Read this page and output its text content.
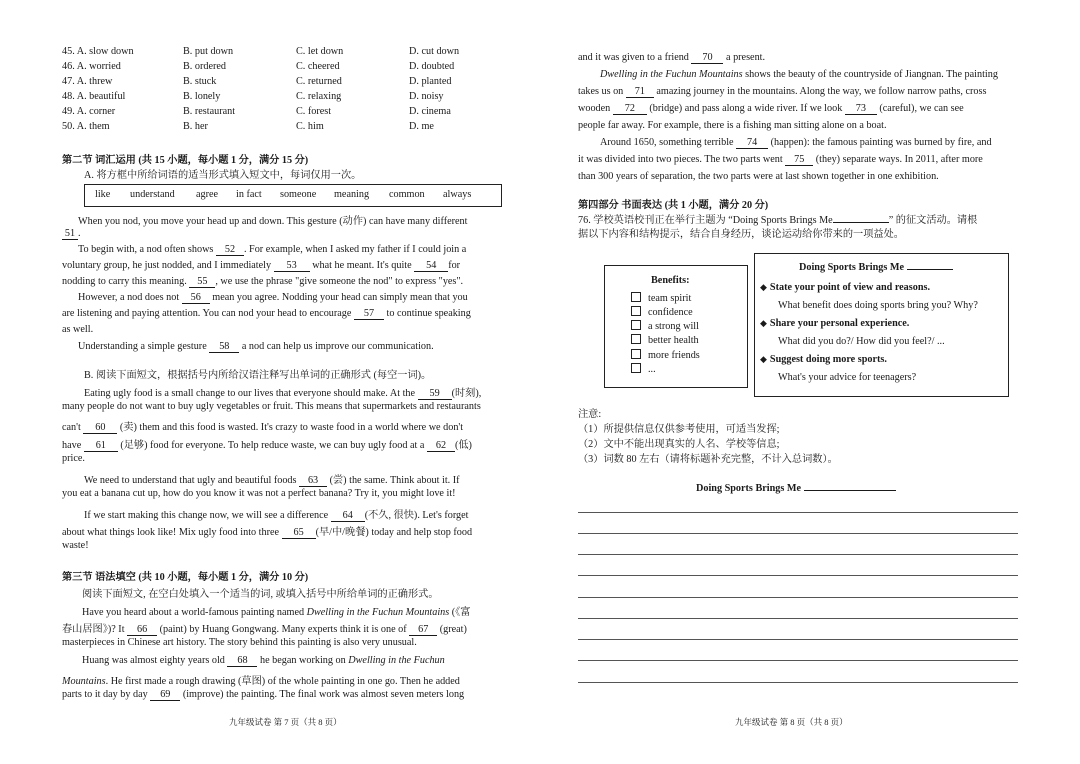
45. A. slow down	B. put down	C. let down	D. cut down
46. A. worried	B. ordered	C. cheered	D. doubted
47. A. threw	B. stuck	C. returned	D. planted
48. A. beautiful	B. lonely	C. relaxing	D. noisy
49. A. corner	B. restaurant	C. forest	D. cinema
50. A. them	B. her	C. him	D. me
第二节 词汇运用 (共 15 小题，每小题 1 分，满分 15 分)
A. 将方框中所给词语的适当形式填入短文中，每词仅用一次。
like understand agree in fact someone meaning common always
When you nod, you move your head up and down. This gesture (动作) can have many different
51 .
To begin with, a nod often shows 52 . For example, when I asked my father if I could join a
voluntary group, he just nodded, and I immediately 53 what he meant. It's quite 54 for
nodding to carry this meaning. 55 , we use the phrase "give someone the nod" to express "yes".
However, a nod does not 56 mean you agree. Nodding your head can simply mean that you
are listening and paying attention. You can nod your head to encourage 57 to continue speaking
as well.
Understanding a simple gesture 58 a nod can help us improve our communication.
B. 阅读下面短文，根据括号内所给汉语注释写出单词的正确形式 (每空一词)。
Eating ugly food is a small change to our lives that everyone should make. At the 59 (时刻),
many people do not want to buy ugly vegetables or fruit. This means that supermarkets and restaurants
can't 60 (卖) them and this food is wasted. It's crazy to waste food in a world where we don't
have 61 (足够) food for everyone. To help reduce waste, we can buy ugly food at a 62 (低)
price.
We need to understand that ugly and beautiful foods 63 (尝) the same. Think about it. If
you eat a banana cut up, how do you know it was not a perfect banana? Try it, you might love it!
If we start making this change now, we will see a difference 64 (不久, 很快). Let's forget
about what things look like! Mix ugly food into three 65 (早/中/晚餐) today and help stop food
waste!
第三节 语法填空 (共 10 小题，每小题 1 分，满分 10 分)
阅读下面短文, 在空白处填入一个适当的词, 或填入括号中所给单词的正确形式。
Have you heard about a world-famous painting named Dwelling in the Fuchun Mountains (《富
春山居图》)? It 66 (paint) by Huang Gongwang. Many experts think it is one of 67 (great)
masterpieces in Chinese art history. The story behind this painting is also very unusual.
Huang was almost eighty years old 68 he began working on Dwelling in the Fuchun
Mountains. He first made a rough drawing (草图) of the whole painting in one go. Then he added
parts to it day by day 69 (improve) the painting. The final work was almost seven meters long
九年级试卷 第 7 页（共 8 页）
and it was given to a friend 70 a present.
Dwelling in the Fuchun Mountains shows the beauty of the countryside of Jiangnan. The painting
takes us on 71 amazing journey in the mountains. Along the way, we follow narrow paths, cross
wooden 72 (bridge) and pass along a wide river. If we look 73 (careful), we can see
people far away. For example, there is a fishing man sitting alone on a boat.
Around 1650, something terrible 74 (happen): the famous painting was burned by fire, and
it was divided into two pieces. The two parts went 75 (they) separate ways. In 2011, after more
than 300 years of separation, the two parts were at last shown together in one exhibition.
第四部分 书面表达 (共 1 小题，满分 20 分)
76. 学校英语校刊正在举行主题为 “Doing Sports Brings Me	” 的征文活动。请根
据以下内容和结构提示，结合自身经历，谈论运动给你带来的一项益处。
Benefits:
team spirit
confidence
a strong will
better health
more friends
...
Doing Sports Brings Me
◆ State your point of view and reasons.
What benefit does doing sports bring you? Why?
◆ Share your personal experience.
What did you do?/ How did you feel?/ ...
◆ Suggest doing more sports.
What's your advice for teenagers?
注意:
（1）所提供信息仅供参考使用，可适当发挥;
（2）文中不能出现真实的人名、学校等信息;
（3）词数 80 左右（请将标题补充完整，不计入总词数）。
Doing Sports Brings Me
九年级试卷 第 8 页（共 8 页）
